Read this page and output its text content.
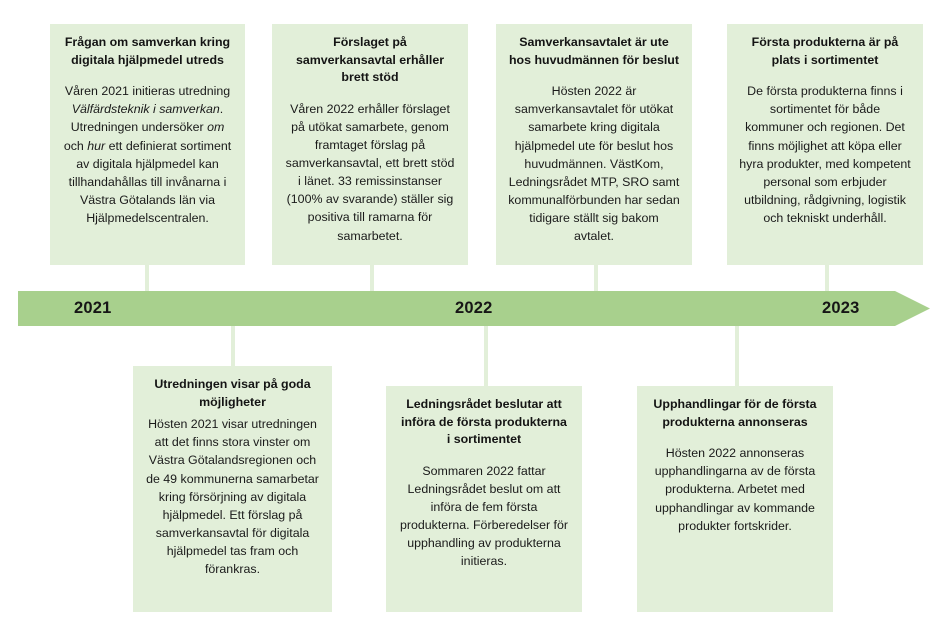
2021	2022	2023

Frågan om samverkan kring digitala hjälpmedel utreds

Våren 2021 initieras utredning Välfärdsteknik i samverkan. Utredningen undersöker om och hur ett definierat sortiment av digitala hjälpmedel kan tillhandahållas till invånarna i Västra Götalands län via Hjälpmedelscentralen.

Förslaget på samverkansavtal erhåller brett stöd

Våren 2022 erhåller förslaget på utökat samarbete, genom framtaget förslag på samverkansavtal, ett brett stöd i länet. 33 remissinstanser (100% av svarande) ställer sig positiva till ramarna för samarbetet.

Samverkansavtalet är ute hos huvudmännen för beslut

Hösten 2022 är samverkansavtalet för utökat samarbete kring digitala hjälpmedel ute för beslut hos huvudmännen. VästKom, Ledningsrådet MTP, SRO samt kommunalförbunden har sedan tidigare ställt sig bakom avtalet.

Första produkterna är på plats i sortimentet

De första produkterna finns i sortimentet för både kommuner och regionen. Det finns möjlighet att köpa eller hyra produkter, med kompetent personal som erbjuder utbildning, rådgivning, logistik och tekniskt underhåll.

Utredningen visar på goda möjligheter

Hösten 2021 visar utredningen att det finns stora vinster om Västra Götalandsregionen och de 49 kommunerna samarbetar kring försörjning av digitala hjälpmedel. Ett förslag på samverkansavtal för digitala hjälpmedel tas fram och förankras.

Ledningsrådet beslutar att införa de första produkterna i sortimentet

Sommaren 2022 fattar Ledningsrådet beslut om att införa de fem första produkterna. Förberedelser för upphandling av produkterna initieras.

Upphandlingar för de första produkterna annonseras

Hösten 2022 annonseras upphandlingarna av de första produkterna. Arbetet med upphandlingar av kommande produkter fortskrider.
